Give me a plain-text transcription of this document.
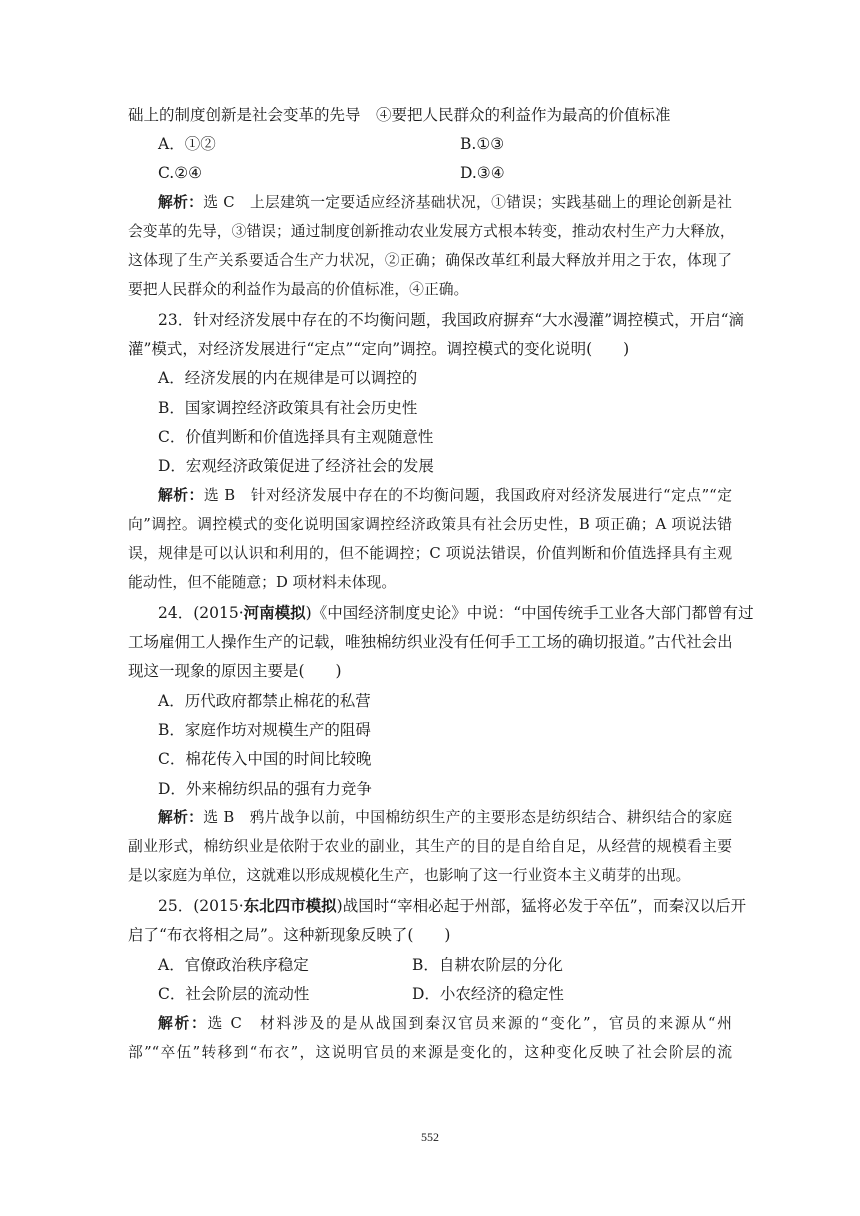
础上的制度创新是社会变革的先导　④要把人民群众的利益作为最高的价值标准
A．①②	B.①③
C.②④	D.③④
解析：选 C　上层建筑一定要适应经济基础状况，①错误；实践基础上的理论创新是社
会变革的先导，③错误；通过制度创新推动农业发展方式根本转变，推动农村生产力大释放，
这体现了生产关系要适合生产力状况，②正确；确保改革红利最大释放并用之于农，体现了
要把人民群众的利益作为最高的价值标准，④正确。
23．针对经济发展中存在的不均衡问题，我国政府摒弃“大水漫灌”调控模式，开启“滴
灌”模式，对经济发展进行“定点”“定向”调控。调控模式的变化说明(　　)
A．经济发展的内在规律是可以调控的
B．国家调控经济政策具有社会历史性
C．价值判断和价值选择具有主观随意性
D．宏观经济政策促进了经济社会的发展
解析：选 B　针对经济发展中存在的不均衡问题，我国政府对经济发展进行“定点”“定
向”调控。调控模式的变化说明国家调控经济政策具有社会历史性，B 项正确；A 项说法错
误，规律是可以认识和利用的，但不能调控；C 项说法错误，价值判断和价值选择具有主观
能动性，但不能随意；D 项材料未体现。
24．(2015·河南模拟)《中国经济制度史论》中说：“中国传统手工业各大部门都曾有过
工场雇佣工人操作生产的记载，唯独棉纺织业没有任何手工工场的确切报道。”古代社会出
现这一现象的原因主要是(　　)
A．历代政府都禁止棉花的私营
B．家庭作坊对规模生产的阻碍
C．棉花传入中国的时间比较晚
D．外来棉纺织品的强有力竞争
解析：选 B　鸦片战争以前，中国棉纺织生产的主要形态是纺织结合、耕织结合的家庭
副业形式，棉纺织业是依附于农业的副业，其生产的目的是自给自足，从经营的规模看主要
是以家庭为单位，这就难以形成规模化生产，也影响了这一行业资本主义萌芽的出现。
25．(2015·东北四市模拟)战国时“宰相必起于州部，猛将必发于卒伍”，而秦汉以后开
启了“布衣将相之局”。这种新现象反映了(　　)
A．官僚政治秩序稳定	B．自耕农阶层的分化
C．社会阶层的流动性	D．小农经济的稳定性
解析：选 C　材料涉及的是从战国到秦汉官员来源的“变化”，官员的来源从“州
部”“卒伍”转移到“布衣”，这说明官员的来源是变化的，这种变化反映了社会阶层的流
552
